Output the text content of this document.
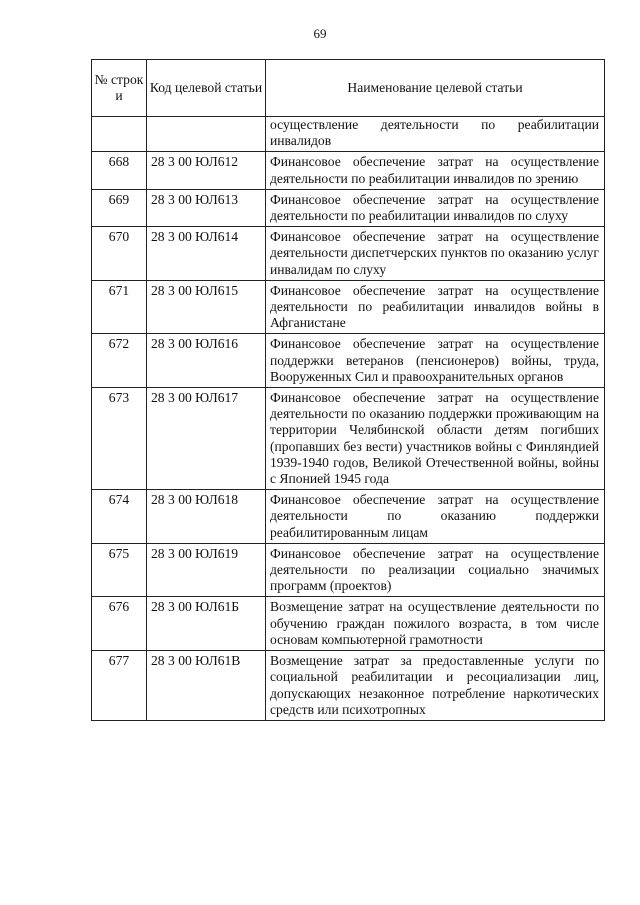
69
№ строк и	Код целевой статьи	Наименование целевой статьи
		осуществление деятельности по реабилитации инвалидов
668	28 3 00 ЮЛ612	Финансовое обеспечение затрат на осуществление деятельности по реабилитации инвалидов по зрению
669	28 3 00 ЮЛ613	Финансовое обеспечение затрат на осуществление деятельности по реабилитации инвалидов по слуху
670	28 3 00 ЮЛ614	Финансовое обеспечение затрат на осуществление деятельности диспетчерских пунктов по оказанию услуг инвалидам по слуху
671	28 3 00 ЮЛ615	Финансовое обеспечение затрат на осуществление деятельности по реабилитации инвалидов войны в Афганистане
672	28 3 00 ЮЛ616	Финансовое обеспечение затрат на осуществление поддержки ветеранов (пенсионеров) войны, труда, Вооруженных Сил и правоохранительных органов
673	28 3 00 ЮЛ617	Финансовое обеспечение затрат на осуществление деятельности по оказанию поддержки проживающим на территории Челябинской области детям погибших (пропавших без вести) участников войны с Финляндией 1939-1940 годов, Великой Отечественной войны, войны с Японией 1945 года
674	28 3 00 ЮЛ618	Финансовое обеспечение затрат на осуществление деятельности по оказанию поддержки реабилитированным лицам
675	28 3 00 ЮЛ619	Финансовое обеспечение затрат на осуществление деятельности по реализации социально значимых программ (проектов)
676	28 3 00 ЮЛ61Б	Возмещение затрат на осуществление деятельности по обучению граждан пожилого возраста, в том числе основам компьютерной грамотности
677	28 3 00 ЮЛ61В	Возмещение затрат за предоставленные услуги по социальной реабилитации и ресоциализации лиц, допускающих незаконное потребление наркотических средств или психотропных
